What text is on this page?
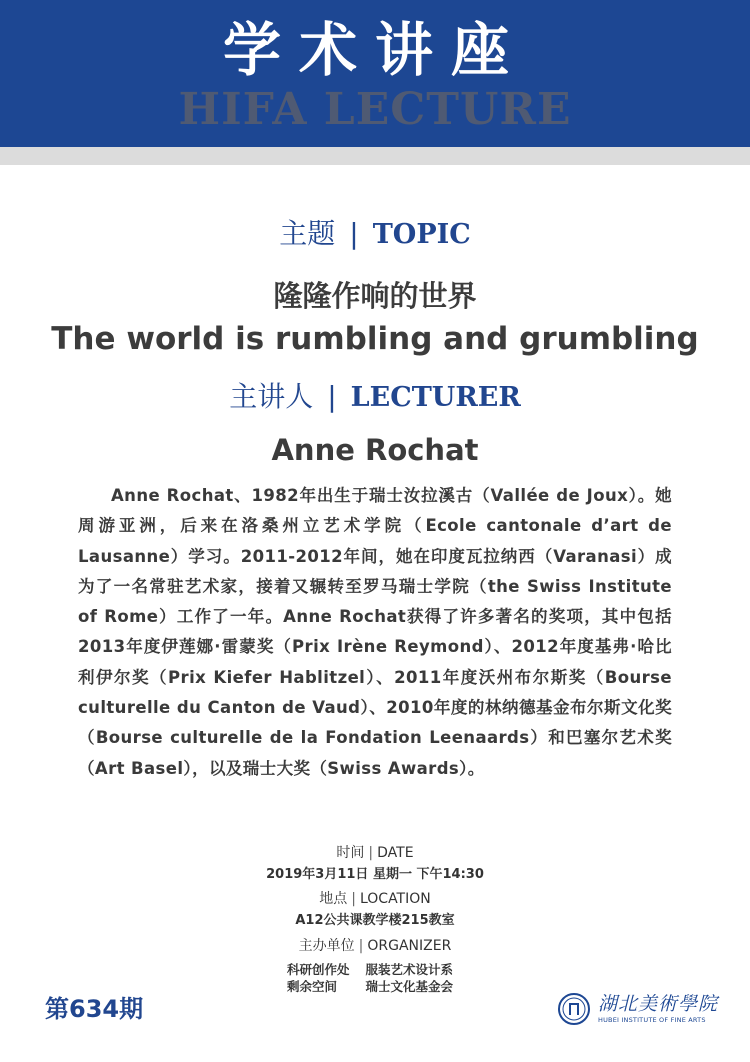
学术讲座
HIFA LECTURE
主题 | TOPIC
隆隆作响的世界
The world is rumbling and grumbling
主讲人 | LECTURER
Anne Rochat
Anne Rochat、1982年出生于瑞士汝拉溪古（Vallée de Joux）。她周游亚洲，后来在洛桑州立艺术学院（Ecole cantonale d’art de Lausanne）学习。2011-2012年间，她在印度瓦拉纳西（Varanasi）成为了一名常驻艺术家，接着又辗转至罗马瑞士学院（the Swiss Institute of Rome）工作了一年。Anne Rochat获得了许多著名的奖项，其中包括2013年度伊莲娜·雷蒙奖（Prix Irène Reymond）、2012年度基弗·哈比利伊尔奖（Prix Kiefer Hablitzel）、2011年度沃州布尔斯奖（Bourse culturelle du Canton de Vaud）、2010年度的林纳德基金布尔斯文化奖（Bourse culturelle de la Fondation Leenaards）和巴塞尔艺术奖（Art Basel），以及瑞士大奖（Swiss Awards）。
时间 | DATE
2019年3月11日 星期一 下午14:30
地点 | LOCATION
A12公共课教学楼215教室
主办单位 | ORGANIZER
科研创作处 服装艺术设计系
剩余空间	瑞士文化基金会
第634期	湖北美術學院
HUBEI INSTITUTE OF FINE ARTS
